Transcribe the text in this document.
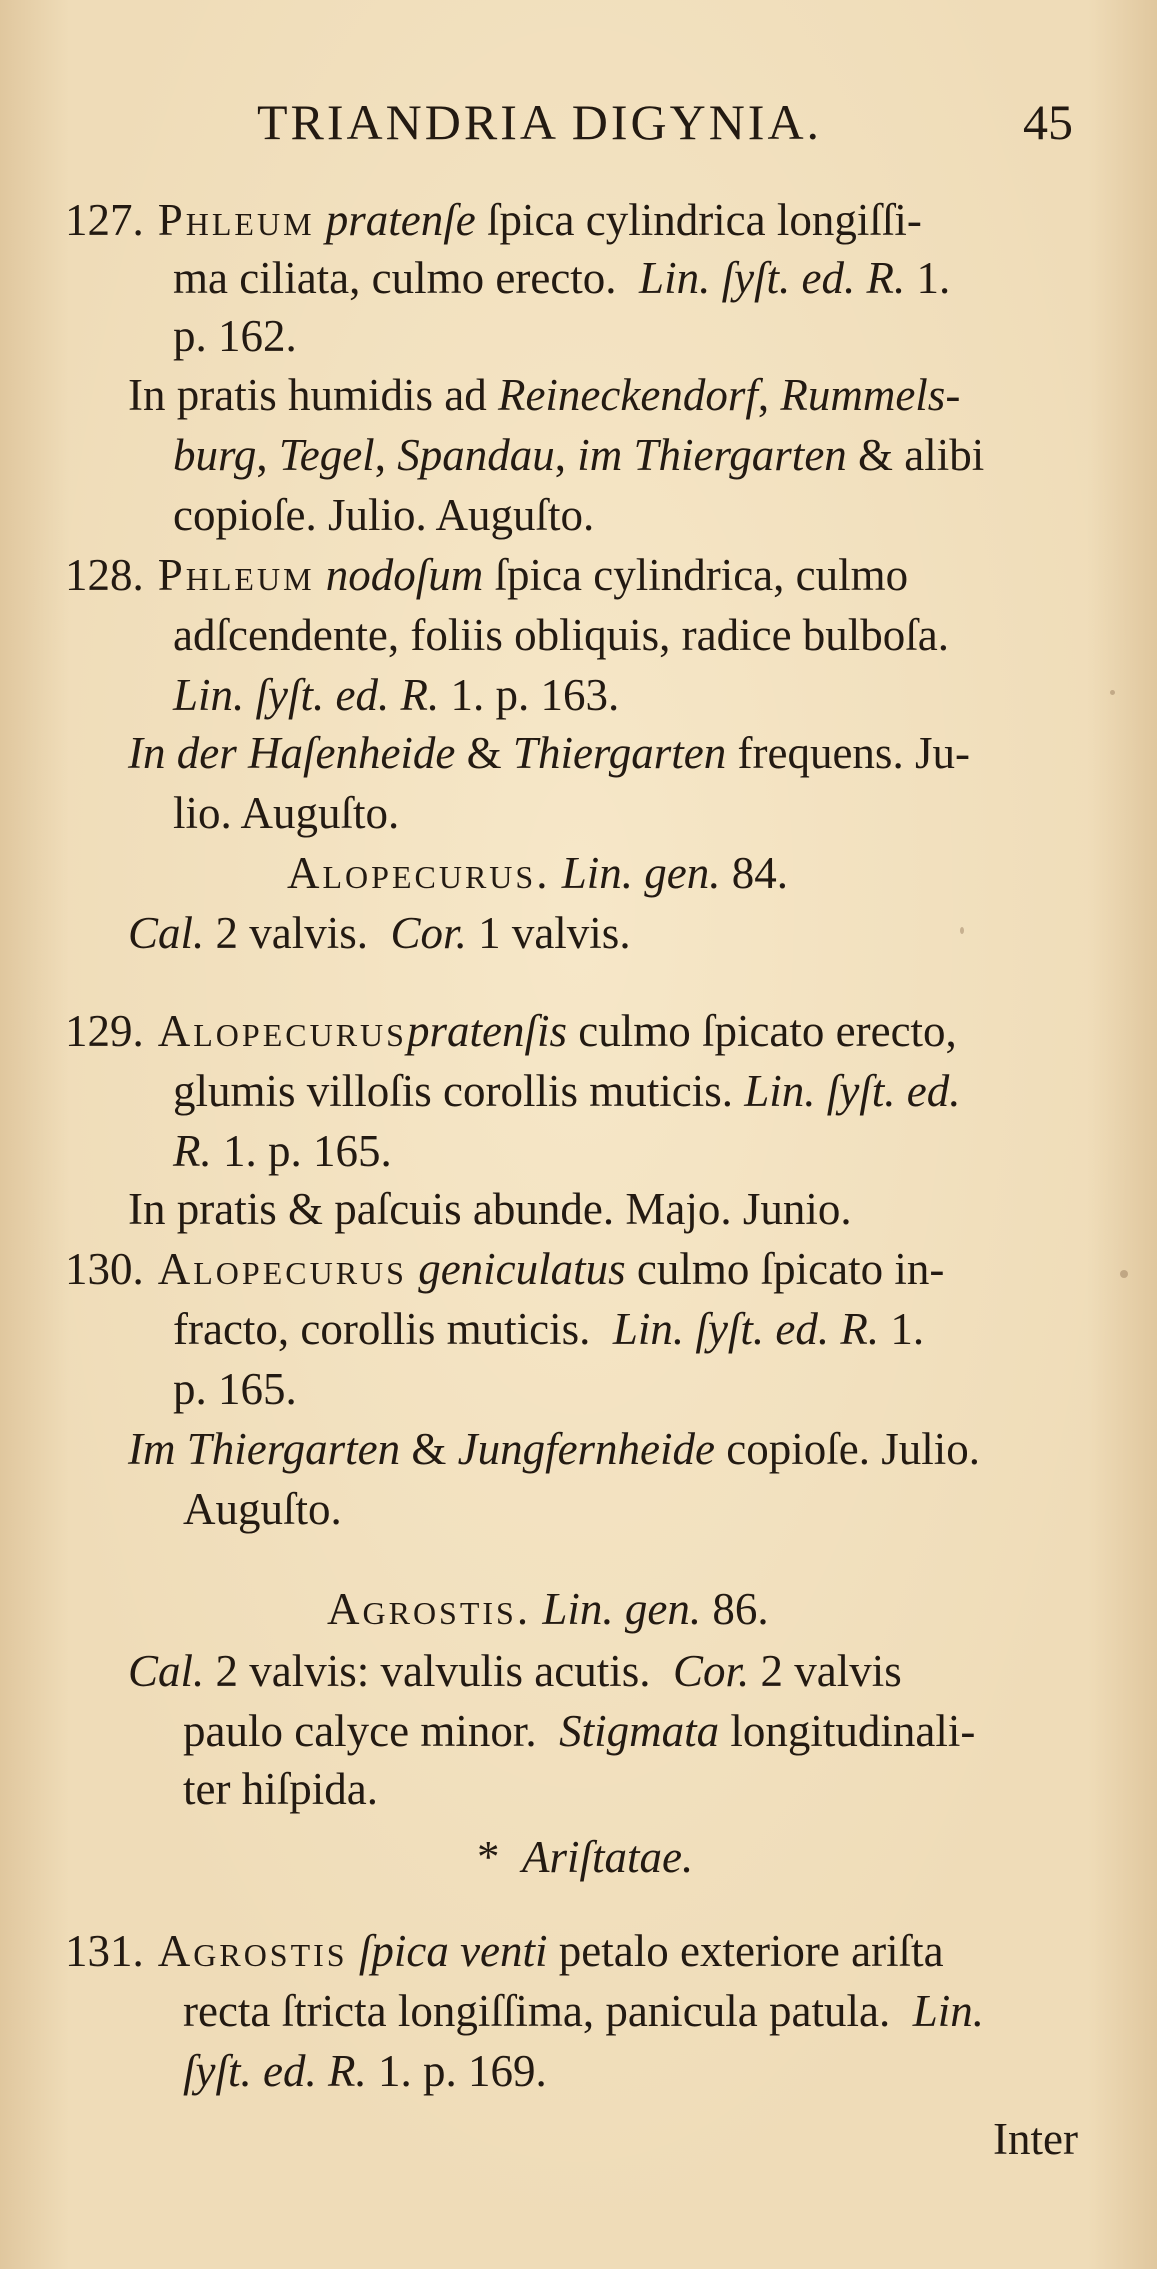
TRIANDRIA DIGYNIA.	45
127. Phleum pratenſe ſpica cylindrica longiſſi-
ma ciliata, culmo erecto. Lin. ſyſt. ed. R. 1.
p. 162.
In pratis humidis ad Reineckendorf, Rummels-
burg, Tegel, Spandau, im Thiergarten & alibi
copioſe. Julio. Auguſto.
128. Phleum nodoſum ſpica cylindrica, culmo
adſcendente, foliis obliquis, radice bulboſa.
Lin. ſyſt. ed. R. 1. p. 163.
In der Haſenheide & Thiergarten frequens. Ju-
lio. Auguſto.
Alopecurus. Lin. gen. 84.
Cal. 2 valvis. Cor. 1 valvis.
129. Alopecuruspratenſis culmo ſpicato erecto,
glumis villoſis corollis muticis. Lin. ſyſt. ed.
R. 1. p. 165.
In pratis & paſcuis abunde. Majo. Junio.
130. Alopecurus geniculatus culmo ſpicato in-
fracto, corollis muticis. Lin. ſyſt. ed. R. 1.
p. 165.
Im Thiergarten & Jungfernheide copioſe. Julio.
Auguſto.
Agrostis. Lin. gen. 86.
Cal. 2 valvis: valvulis acutis. Cor. 2 valvis
paulo calyce minor. Stigmata longitudinali-
ter hiſpida.
* Ariſtatae.
131. Agrostis ſpica venti petalo exteriore ariſta
recta ſtricta longiſſima, panicula patula. Lin.
ſyſt. ed. R. 1. p. 169.
Inter
